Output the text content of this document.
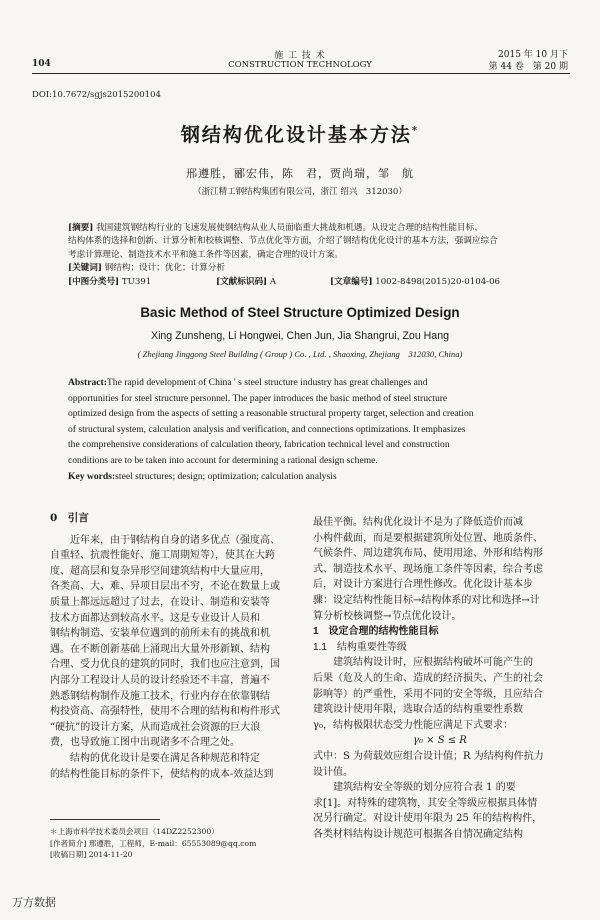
104
施 工 技 术
CONSTRUCTION TECHNOLOGY
2015 年 10 月下
第 44 卷　第 20 期
DOI:10.7672/sgjs2015200104
钢结构优化设计基本方法*
邢遵胜，郦宏伟，陈　君，贾尚瑞，邹　航
（浙江精工钢结构集团有限公司，浙江 绍兴　312030）
[摘要] 我国建筑钢结构行业的飞速发展使钢结构从业人员面临重大挑战和机遇。从设定合理的结构性能目标、
结构体系的选择和创新、计算分析和校核调整、节点优化等方面，介绍了钢结构优化设计的基本方法，强调应综合
考虑计算理论、制造技术水平和施工条件等因素，确定合理的设计方案。
[关键词] 钢结构；设计；优化；计算分析
[中图分类号] TU391	[文献标识码] A	[文章编号] 1002-8498(2015)20-0104-06
Basic Method of Steel Structure Optimized Design
Xing Zunsheng, Li Hongwei, Chen Jun, Jia Shangrui, Zou Hang
( Zhejiang Jinggong Steel Building ( Group ) Co. , Ltd. , Shaoxing, Zhejiang　312030, China)
Abstract:The rapid development of China ' s steel structure industry has great challenges and
opportunities for steel structure personnel. The paper introduces the basic method of steel structure
optimized design from the aspects of setting a reasonable structural property target, selection and creation
of structural system, calculation analysis and verification, and connections optimizations. It emphasizes
the comprehensive considerations of calculation theory, fabrication technical level and construction
conditions are to be taken into account for determining a rational design scheme.
Key words:steel structures; design; optimization; calculation analysis
0　引言
近年来，由于钢结构自身的诸多优点（强度高、
自重轻、抗震性能好、施工周期短等），使其在大跨
度、超高层和复杂异形空间建筑结构中大量应用，
各类高、大、难、异项目层出不穷，不论在数量上或
质量上都远远超过了过去，在设计、制造和安装等
技术方面都达到较高水平。这是专业设计人员和
钢结构制造、安装单位遇到的前所未有的挑战和机
遇。在不断创新基础上涌现出大量外形新颖、结构
合理、受力优良的建筑的同时，我们也应注意到，国
内部分工程设计人员的设计经验还不丰富，普遍不
熟悉钢结构制作及施工技术，行业内存在依靠钢结
构投资高、高强特性，使用不合理的结构和构件形式
“硬抗”的设计方案，从而造成社会资源的巨大浪
费，也导致施工图中出现诸多不合理之处。
结构的优化设计是要在满足各种规范和特定
的结构性能目标的条件下，使结构的成本-效益达到
＊上海市科学技术委员会项目（14DZ2252300）
[作者简介] 邢遵胜，工程师，E-mail：65553089@qq.com
[收稿日期] 2014-11-20
最佳平衡。结构优化设计不是为了降低造价而减
小构件截面，而是要根据建筑所处位置、地质条件、
气候条件、周边建筑布局、使用用途、外形和结构形
式、制造技术水平、现场施工条件等因素，综合考虑
后，对设计方案进行合理性修改。优化设计基本步
骤：设定结构性能目标→结构体系的对比和选择→计
算分析校核调整→节点优化设计。
1　设定合理的结构性能目标
1.1　结构重要性等级
建筑结构设计时，应根据结构破坏可能产生的
后果（危及人的生命、造成的经济损失、产生的社会
影响等）的严重性，采用不同的安全等级，且应结合
建筑设计使用年限，选取合适的结构重要性系数
γ₀，结构极限状态受力性能应满足下式要求：
γ₀ × S ≤ R
式中：S 为荷载效应组合设计值；R 为结构构件抗力
设计值。
建筑结构安全等级的划分应符合表 1 的要
求[1]。对特殊的建筑物，其安全等级应根据具体情
况另行确定。对设计使用年限为 25 年的结构构件，
各类材料结构设计规范可根据各自情况确定结构
万方数据
